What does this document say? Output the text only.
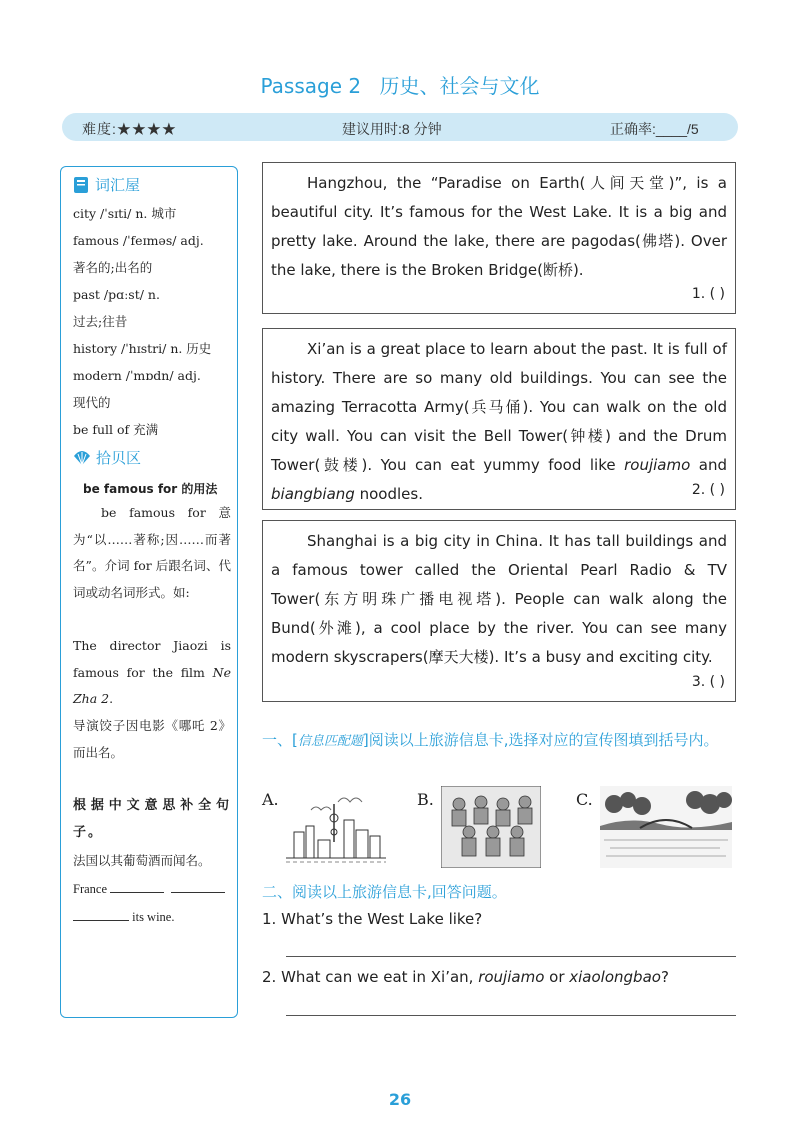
Passage 2 历史、社会与文化
难度:★★★★	建议用时:8 分钟	正确率:____/5
词汇屋
city /ˈsɪti/ n. 城市
famous /ˈfeɪməs/ adj.
著名的;出名的
past /pɑːst/ n.
过去;往昔
history /ˈhɪstri/ n. 历史
modern /ˈmɒdn/ adj.
现代的
be full of 充满
拾贝区
be famous for 的用法
be famous for 意为“以……著称;因……而著名”。介词 for 后跟名词、代词或动名词形式。如:
The director Jiaozi is famous for the film Ne Zha 2.
导演饺子因电影《哪吒 2》而出名。
根据中文意思补全句子。
法国以其葡萄酒而闻名。
France
its wine.
Hangzhou, the “Paradise on Earth(人间天堂)”, is a beautiful city. It’s famous for the West Lake. It is a big and pretty lake. Around the lake, there are pagodas(佛塔). Over the lake, there is the Broken Bridge(断桥).
1. ( )
Xi’an is a great place to learn about the past. It is full of history. There are so many old buildings. You can see the amazing Terracotta Army(兵马俑). You can walk on the old city wall. You can visit the Bell Tower(钟楼) and the Drum Tower(鼓楼). You can eat yummy food like roujiamo and biangbiang noodles.	2. ( )
Shanghai is a big city in China. It has tall buildings and a famous tower called the Oriental Pearl Radio & TV Tower(东方明珠广播电视塔). People can walk along the Bund(外滩), a cool place by the river. You can see many modern skyscrapers(摩天大楼). It’s a busy and exciting city.
3. ( )
一、[信息匹配题]阅读以上旅游信息卡,选择对应的宣传图填到括号内。
A.	B.	C.
二、阅读以上旅游信息卡,回答问题。
1. What’s the West Lake like?
2. What can we eat in Xi’an, roujiamo or xiaolongbao?
26
